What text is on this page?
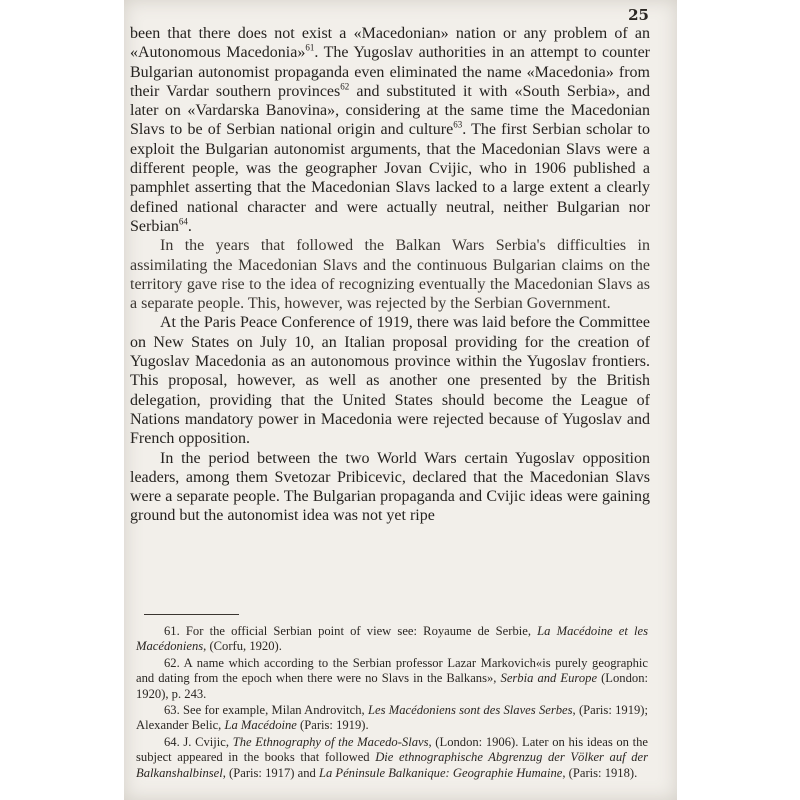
25

been that there does not exist a «Macedonian» nation or any problem of an «Autonomous Macedonia»$^{61}$. The Yugoslav authorities in an attempt to counter Bulgarian autonomist propaganda even eliminated the name «Macedonia» from their Vardar southern provinces$^{62}$ and substituted it with «South Serbia», and later on «Vardarska Banovina», considering at the same time the Macedonian Slavs to be of Serbian national origin and culture$^{63}$. The first Serbian scholar to exploit the Bulgarian autonomist arguments, that the Macedonian Slavs were a different people, was the geographer Jovan Cvijic, who in 1906 published a pamphlet asserting that the Macedonian Slavs lacked to a large extent a clearly defined national character and were actually neutral, neither Bulgarian nor Serbian$^{64}$.

In the years that followed the Balkan Wars Serbia's difficulties in assimilating the Macedonian Slavs and the continuous Bulgarian claims on the territory gave rise to the idea of recognizing eventually the Macedonian Slavs as a separate people. This, however, was rejected by the Serbian Government.

At the Paris Peace Conference of 1919, there was laid before the Committee on New States on July 10, an Italian proposal providing for the creation of Yugoslav Macedonia as an autonomous province within the Yugoslav frontiers. This proposal, however, as well as another one presented by the British delegation, providing that the United States should become the League of Nations mandatory power in Macedonia were rejected because of Yugoslav and French opposition.

In the period between the two World Wars certain Yugoslav opposition leaders, among them Svetozar Pribicevic, declared that the Macedonian Slavs were a separate people. The Bulgarian propaganda and Cvijic ideas were gaining ground but the autonomist idea was not yet ripe

61. For the official Serbian point of view see: Royaume de Serbie, La Macédoine et les Macédoniens, (Corfu, 1920).

62. A name which according to the Serbian professor Lazar Markovich«is purely geographic and dating from the epoch when there were no Slavs in the Balkans», Serbia and Europe (London: 1920), p. 243.

63. See for example, Milan Androvitch, Les Macédoniens sont des Slaves Serbes, (Paris: 1919); Alexander Belic, La Macédoine (Paris: 1919).

64. J. Cvijic, The Ethnography of the Macedo-Slavs, (London: 1906). Later on his ideas on the subject appeared in the books that followed Die ethnographische Abgrenzug der Völker auf der Balkanshalbinsel, (Paris: 1917) and La Péninsule Balkanique: Geographie Humaine, (Paris: 1918).
